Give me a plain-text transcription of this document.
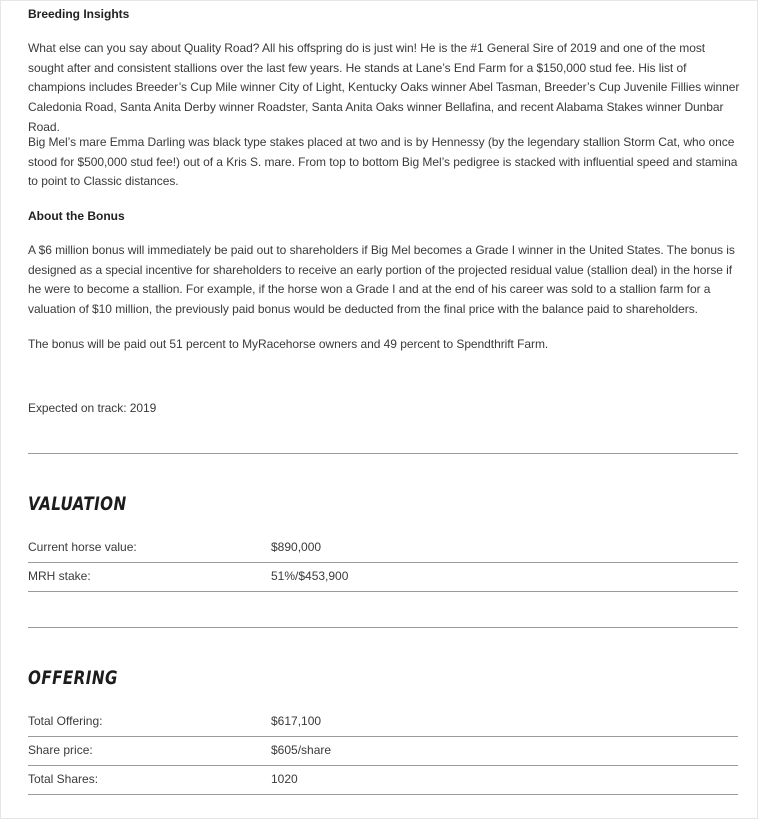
Breeding Insights

What else can you say about Quality Road? All his offspring do is just win! He is the #1 General Sire of 2019 and one of the most sought after and consistent stallions over the last few years. He stands at Lane’s End Farm for a $150,000 stud fee. His list of champions includes Breeder’s Cup Mile winner City of Light, Kentucky Oaks winner Abel Tasman, Breeder’s Cup Juvenile Fillies winner Caledonia Road, Santa Anita Derby winner Roadster, Santa Anita Oaks winner Bellafina, and recent Alabama Stakes winner Dunbar Road.

Big Mel’s mare Emma Darling was black type stakes placed at two and is by Hennessy (by the legendary stallion Storm Cat, who once stood for $500,000 stud fee!) out of a Kris S. mare. From top to bottom Big Mel’s pedigree is stacked with influential speed and stamina to point to Classic distances.

About the Bonus

A $6 million bonus will immediately be paid out to shareholders if Big Mel becomes a Grade I winner in the United States. The bonus is designed as a special incentive for shareholders to receive an early portion of the projected residual value (stallion deal) in the horse if he were to become a stallion. For example, if the horse won a Grade I and at the end of his career was sold to a stallion farm for a valuation of $10 million, the previously paid bonus would be deducted from the final price with the balance paid to shareholders.

The bonus will be paid out 51 percent to MyRacehorse owners and 49 percent to Spendthrift Farm.

Expected on track: 2019

VALUATION
Current horse value:	$890,000
MRH stake:	51%/$453,900
OFFERING
Total Offering:	$617,100
Share price:	$605/share
Total Shares:	1020
